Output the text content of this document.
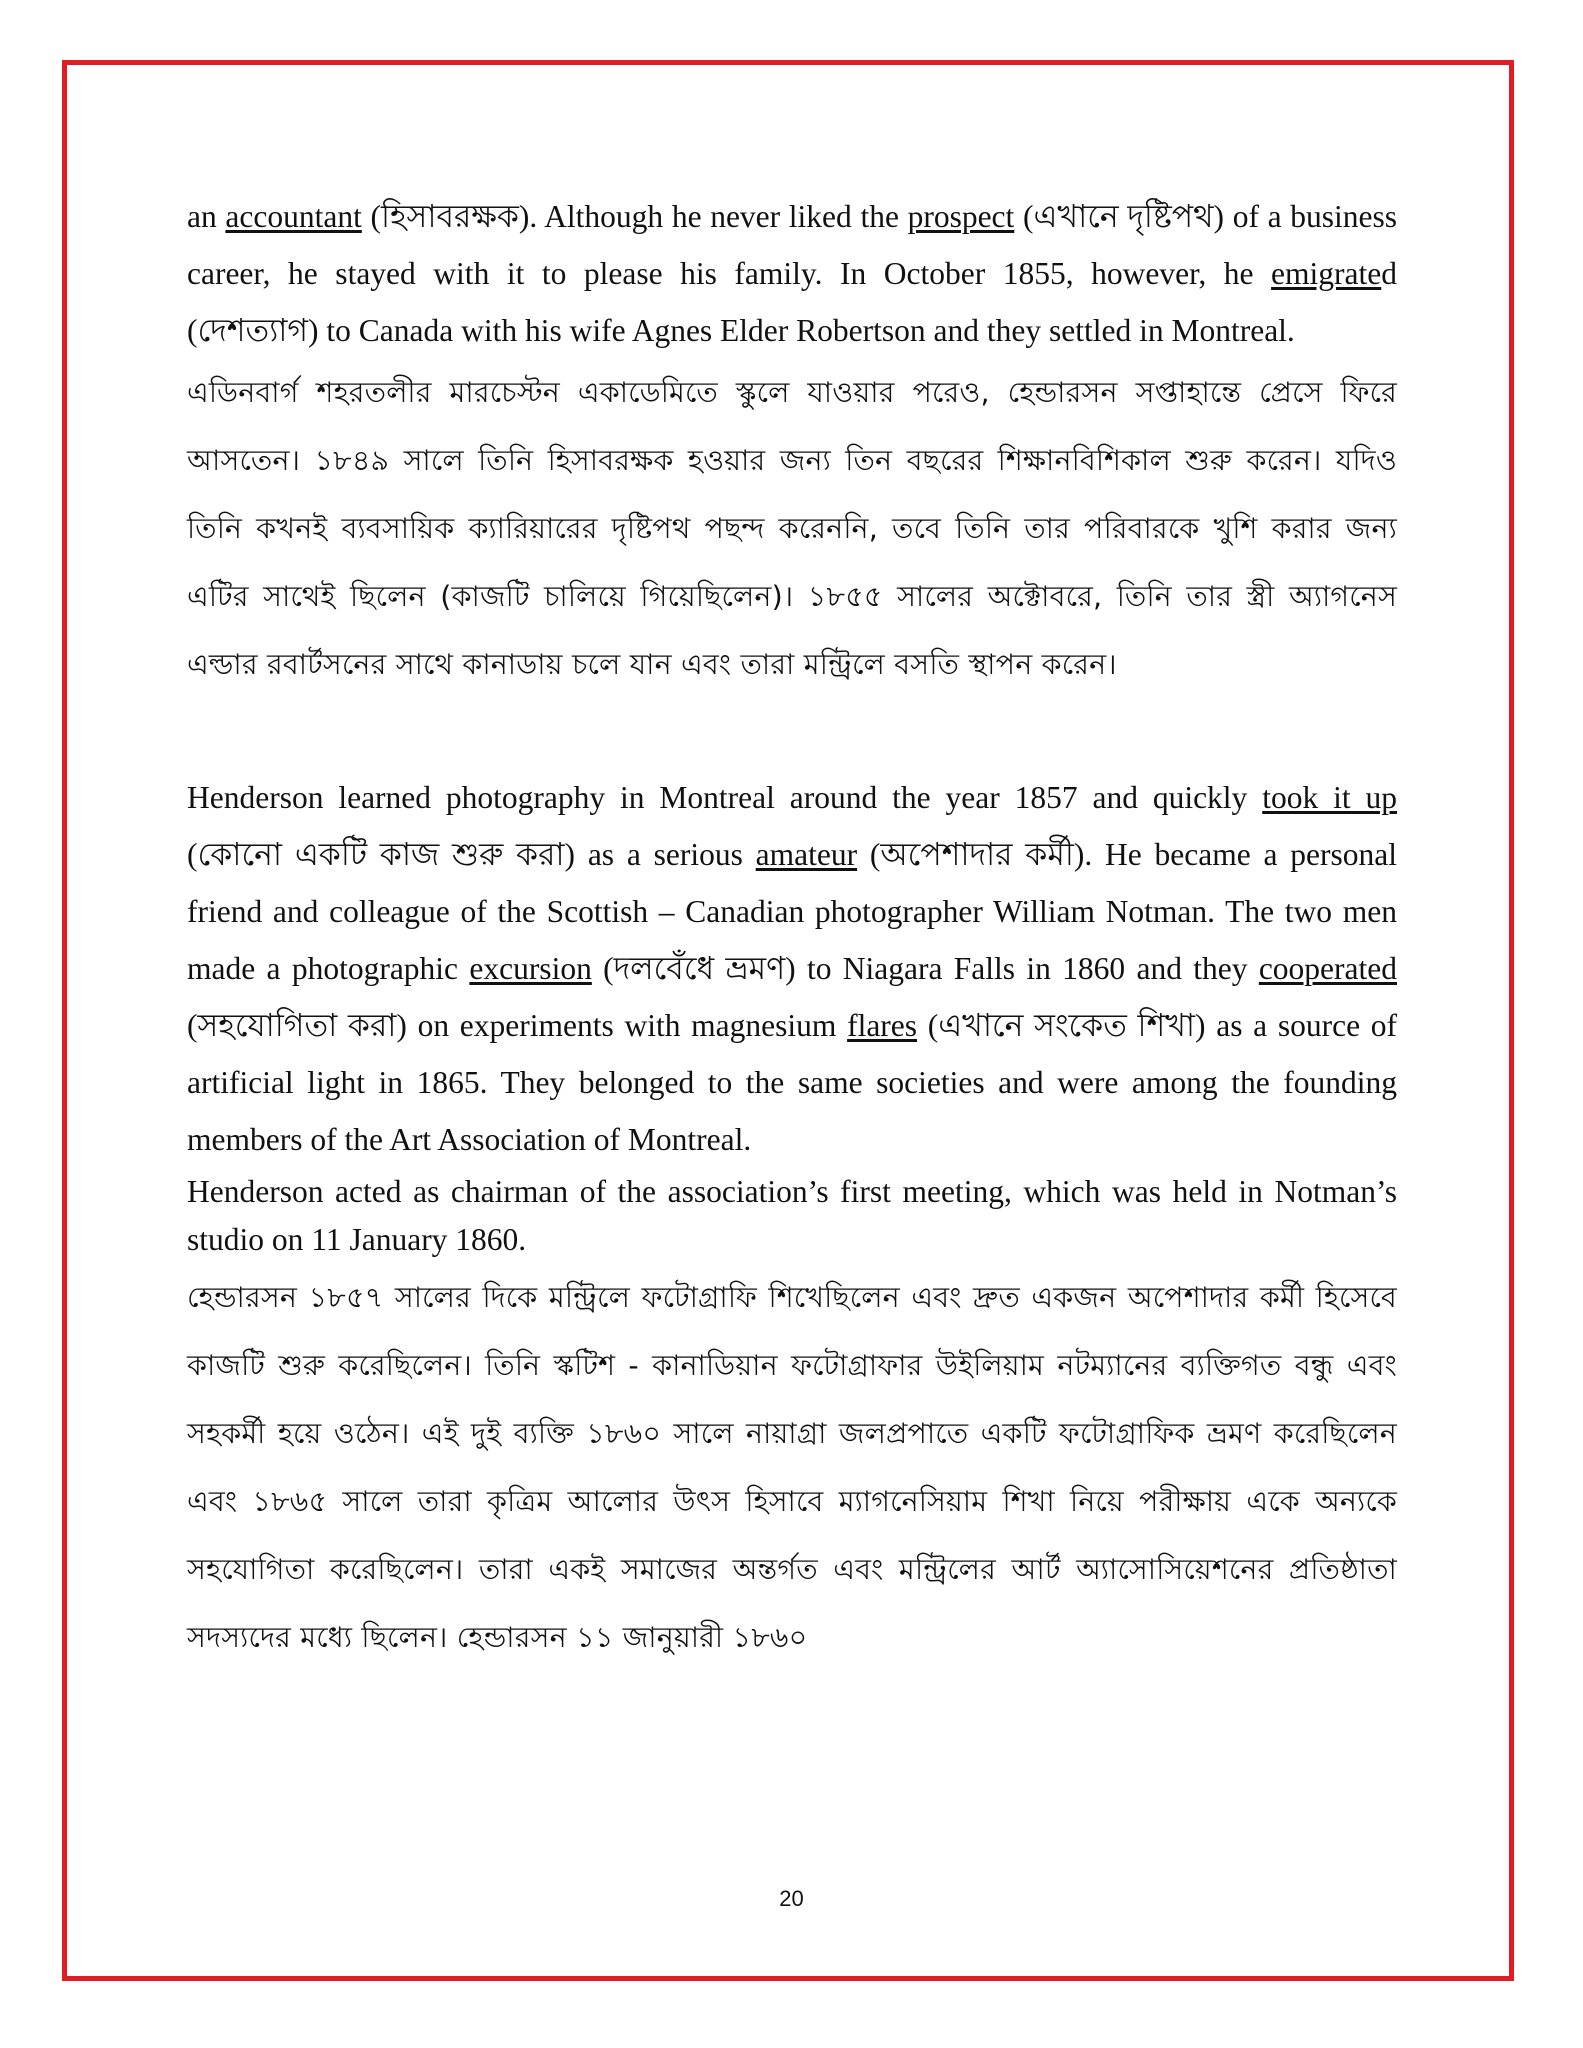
an accountant (হিসাবরক্ষক). Although he never liked the prospect (এখানে দৃষ্টিপথ) of a business career, he stayed with it to please his family. In October 1855, however, he emigrated (দেশত্যাগ) to Canada with his wife Agnes Elder Robertson and they settled in Montreal.

এডিনবার্গ শহরতলীর মারচেস্টন একাডেমিতে স্কুলে যাওয়ার পরেও, হেন্ডারসন সপ্তাহান্তে প্রেসে ফিরে আসতেন। ১৮৪৯ সালে তিনি হিসাবরক্ষক হওয়ার জন্য তিন বছরের শিক্ষানবিশিকাল শুরু করেন। যদিও তিনি কখনই ব্যবসায়িক ক্যারিয়ারের দৃষ্টিপথ পছন্দ করেননি, তবে তিনি তার পরিবারকে খুশি করার জন্য এটির সাথেই ছিলেন (কাজটি চালিয়ে গিয়েছিলেন)। ১৮৫৫ সালের অক্টোবরে, তিনি তার স্ত্রী অ্যাগনেস এল্ডার রবার্টসনের সাথে কানাডায় চলে যান এবং তারা মন্ট্রিলে বসতি স্থাপন করেন।

Henderson learned photography in Montreal around the year 1857 and quickly took it up (কোনো একটি কাজ শুরু করা) as a serious amateur (অপেশাদার কর্মী). He became a personal friend and colleague of the Scottish – Canadian photographer William Notman. The two men made a photographic excursion (দলবেঁধে ভ্রমণ) to Niagara Falls in 1860 and they cooperated (সহযোগিতা করা) on experiments with magnesium flares (এখানে সংকেত শিখা) as a source of artificial light in 1865. They belonged to the same societies and were among the founding members of the Art Association of Montreal.

Henderson acted as chairman of the association’s first meeting, which was held in Notman’s studio on 11 January 1860.

হেন্ডারসন ১৮৫৭ সালের দিকে মন্ট্রিলে ফটোগ্রাফি শিখেছিলেন এবং দ্রুত একজন অপেশাদার কর্মী হিসেবে কাজটি শুরু করেছিলেন। তিনি স্কটিশ - কানাডিয়ান ফটোগ্রাফার উইলিয়াম নটম্যানের ব্যক্তিগত বন্ধু এবং সহকর্মী হয়ে ওঠেন। এই দুই ব্যক্তি ১৮৬০ সালে নায়াগ্রা জলপ্রপাতে একটি ফটোগ্রাফিক ভ্রমণ করেছিলেন এবং ১৮৬৫ সালে তারা কৃত্রিম আলোর উৎস হিসাবে ম্যাগনেসিয়াম শিখা নিয়ে পরীক্ষায় একে অন্যকে সহযোগিতা করেছিলেন। তারা একই সমাজের অন্তর্গত এবং মন্ট্রিলের আর্ট অ্যাসোসিয়েশনের প্রতিষ্ঠাতা সদস্যদের মধ্যে ছিলেন। হেন্ডারসন ১১ জানুয়ারী ১৮৬০

20
